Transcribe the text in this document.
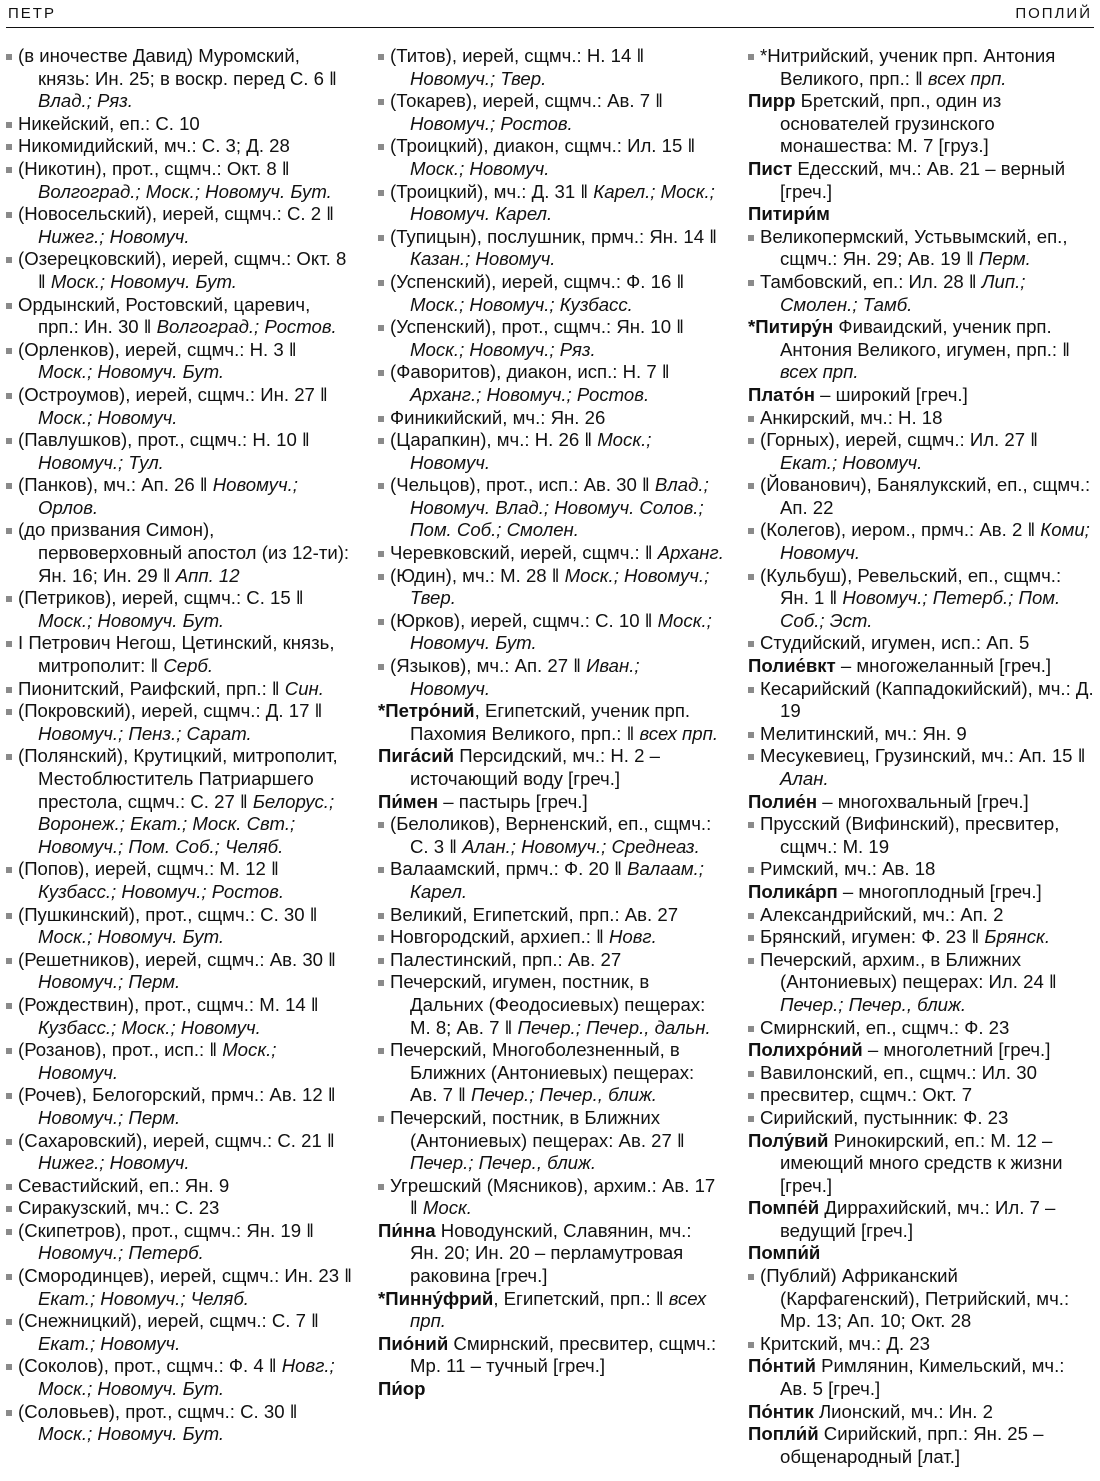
ПЕТР	ПОПЛИЙ
(в иночестве Давид) Муромский, князь: Ин. 25; в воскр. перед С. 6 ‖ Влад.; Ряз.
Никейский, еп.: С. 10
Никомидийский, мч.: С. 3; Д. 28
(Никотин), прот., сщмч.: Окт. 8 ‖ Волгоград.; Моск.; Новомуч. Бут.
(Новосельский), иерей, сщмч.: С. 2 ‖ Нижег.; Новомуч.
(Озерецковский), иерей, сщмч.: Окт. 8 ‖ Моск.; Новомуч. Бут.
Ордынский, Ростовский, царевич, прп.: Ин. 30 ‖ Волгоград.; Ростов.
(Орленков), иерей, сщмч.: Н. 3 ‖ Моск.; Новомуч. Бут.
(Остроумов), иерей, сщмч.: Ин. 27 ‖ Моск.; Новомуч.
(Павлушков), прот., сщмч.: Н. 10 ‖ Новомуч.; Тул.
(Панков), мч.: Ап. 26 ‖ Новомуч.; Орлов.
(до призвания Симон), первоверховный апостол (из 12-ти): Ян. 16; Ин. 29 ‖ Апп. 12
(Петриков), иерей, сщмч.: С. 15 ‖ Моск.; Новомуч. Бут.
I Петрович Негош, Цетинский, князь, митрополит: ‖ Серб.
Пионитский, Раифский, прп.: ‖ Син.
(Покровский), иерей, сщмч.: Д. 17 ‖ Новомуч.; Пенз.; Сарат.
(Полянский), Крутицкий, митрополит, Местоблюститель Патриаршего престола, сщмч.: С. 27 ‖ Белорус.; Воронеж.; Екат.; Моск. Свт.; Новомуч.; Пом. Соб.; Челяб.
(Попов), иерей, сщмч.: М. 12 ‖ Кузбасс.; Новомуч.; Ростов.
(Пушкинский), прот., сщмч.: С. 30 ‖ Моск.; Новомуч. Бут.
(Решетников), иерей, сщмч.: Ав. 30 ‖ Новомуч.; Перм.
(Рождествин), прот., сщмч.: М. 14 ‖ Кузбасс.; Моск.; Новомуч.
(Розанов), прот., исп.: ‖ Моск.; Новомуч.
(Рочев), Белогорский, прмч.: Ав. 12 ‖ Новомуч.; Перм.
(Сахаровский), иерей, сщмч.: С. 21 ‖ Нижег.; Новомуч.
Севастийский, еп.: Ян. 9
Сиракузский, мч.: С. 23
(Скипетров), прот., сщмч.: Ян. 19 ‖ Новомуч.; Петерб.
(Смородинцев), иерей, сщмч.: Ин. 23 ‖ Екат.; Новомуч.; Челяб.
(Снежницкий), иерей, сщмч.: С. 7 ‖ Екат.; Новомуч.
(Соколов), прот., сщмч.: Ф. 4 ‖ Новг.; Моск.; Новомуч. Бут.
(Соловьев), прот., сщмч.: С. 30 ‖ Моск.; Новомуч. Бут.
(Титов), иерей, сщмч.: Н. 14 ‖ Новомуч.; Твер.
(Токарев), иерей, сщмч.: Ав. 7 ‖ Новомуч.; Ростов.
(Троицкий), диакон, сщмч.: Ил. 15 ‖ Моск.; Новомуч.
(Троицкий), мч.: Д. 31 ‖ Карел.; Моск.; Новомуч. Карел.
(Тупицын), послушник, прмч.: Ян. 14 ‖ Казан.; Новомуч.
(Успенский), иерей, сщмч.: Ф. 16 ‖ Моск.; Новомуч.; Кузбасс.
(Успенский), прот., сщмч.: Ян. 10 ‖ Моск.; Новомуч.; Ряз.
(Фаворитов), диакон, исп.: Н. 7 ‖ Арханг.; Новомуч.; Ростов.
Финикийский, мч.: Ян. 26
(Царапкин), мч.: Н. 26 ‖ Моск.; Новомуч.
(Чельцов), прот., исп.: Ав. 30 ‖ Влад.; Новомуч. Влад.; Новомуч. Солов.; Пом. Соб.; Смолен.
Черевковский, иерей, сщмч.: ‖ Арханг.
(Юдин), мч.: М. 28 ‖ Моск.; Новомуч.; Твер.
(Юрков), иерей, сщмч.: С. 10 ‖ Моск.; Новомуч. Бут.
(Языков), мч.: Ап. 27 ‖ Иван.; Новомуч.
*Петро́ний, Египетский, ученик прп. Пахомия Великого, прп.: ‖ всех прп.
Пига́сий Персидский, мч.: Н. 2 – источающий воду [греч.]
Пи́мен – пастырь [греч.]
(Белоликов), Верненский, еп., сщмч.: С. 3 ‖ Алан.; Новомуч.; Среднеаз.
Валаамский, прмч.: Ф. 20 ‖ Валаам.; Карел.
Великий, Египетский, прп.: Ав. 27
Новгородский, архиеп.: ‖ Новг.
Палестинский, прп.: Ав. 27
Печерский, игумен, постник, в Дальних (Феодосиевых) пещерах: М. 8; Ав. 7 ‖ Печер.; Печер., дальн.
Печерский, Многоболезненный, в Ближних (Антониевых) пещерах: Ав. 7 ‖ Печер.; Печер., ближ.
Печерский, постник, в Ближних (Антониевых) пещерах: Ав. 27 ‖ Печер.; Печер., ближ.
Угрешский (Мясников), архим.: Ав. 17 ‖ Моск.
Пи́нна Новодунский, Славянин, мч.: Ян. 20; Ин. 20 – перламутровая раковина [греч.]
*Пинну́фрий, Египетский, прп.: ‖ всех прп.
Пио́ний Смирнский, пресвитер, сщмч.: Мр. 11 – тучный [греч.]
Пи́ор
*Нитрийский, ученик прп. Антония Великого, прп.: ‖ всех прп.
Пирр Бретский, прп., один из основателей грузинского монашества: М. 7 [груз.]
Пист Едесский, мч.: Ав. 21 – верный [греч.]
Питири́м
Великопермский, Устьвымский, еп., сщмч.: Ян. 29; Ав. 19 ‖ Перм.
Тамбовский, еп.: Ил. 28 ‖ Лип.; Смолен.; Тамб.
*Питиру́н Фиваидский, ученик прп. Антония Великого, игумен, прп.: ‖ всех прп.
Плато́н – широкий [греч.]
Анкирский, мч.: Н. 18
(Горных), иерей, сщмч.: Ил. 27 ‖ Екат.; Новомуч.
(Йованович), Банялукский, еп., сщмч.: Ап. 22
(Колегов), иером., прмч.: Ав. 2 ‖ Коми; Новомуч.
(Кульбуш), Ревельский, еп., сщмч.: Ян. 1 ‖ Новомуч.; Петерб.; Пом. Соб.; Эст.
Студийский, игумен, исп.: Ап. 5
Полие́вкт – многожеланный [греч.]
Кесарийский (Каппадокийский), мч.: Д. 19
Мелитинский, мч.: Ян. 9
Месукевиец, Грузинский, мч.: Ап. 15 ‖ Алан.
Полие́н – многохвальный [греч.]
Прусский (Вифинский), пресвитер, сщмч.: М. 19
Римский, мч.: Ав. 18
Полика́рп – многоплодный [греч.]
Александрийский, мч.: Ап. 2
Брянский, игумен: Ф. 23 ‖ Брянск.
Печерский, архим., в Ближних (Антониевых) пещерах: Ил. 24 ‖ Печер.; Печер., ближ.
Смирнский, еп., сщмч.: Ф. 23
Полихро́ний – многолетний [греч.]
Вавилонский, еп., сщмч.: Ил. 30
пресвитер, сщмч.: Окт. 7
Сирийский, пустынник: Ф. 23
Полу́вий Ринокирский, еп.: М. 12 – имеющий много средств к жизни [греч.]
Помпе́й Диррахийский, мч.: Ил. 7 – ведущий [греч.]
Помпи́й
(Публий) Африканский (Карфагенский), Петрийский, мч.: Мр. 13; Ап. 10; Окт. 28
Критский, мч.: Д. 23
По́нтий Римлянин, Кимельский, мч.: Ав. 5 [греч.]
По́нтик Лионский, мч.: Ин. 2
Попли́й Сирийский, прп.: Ян. 25 – общенародный [лат.]
